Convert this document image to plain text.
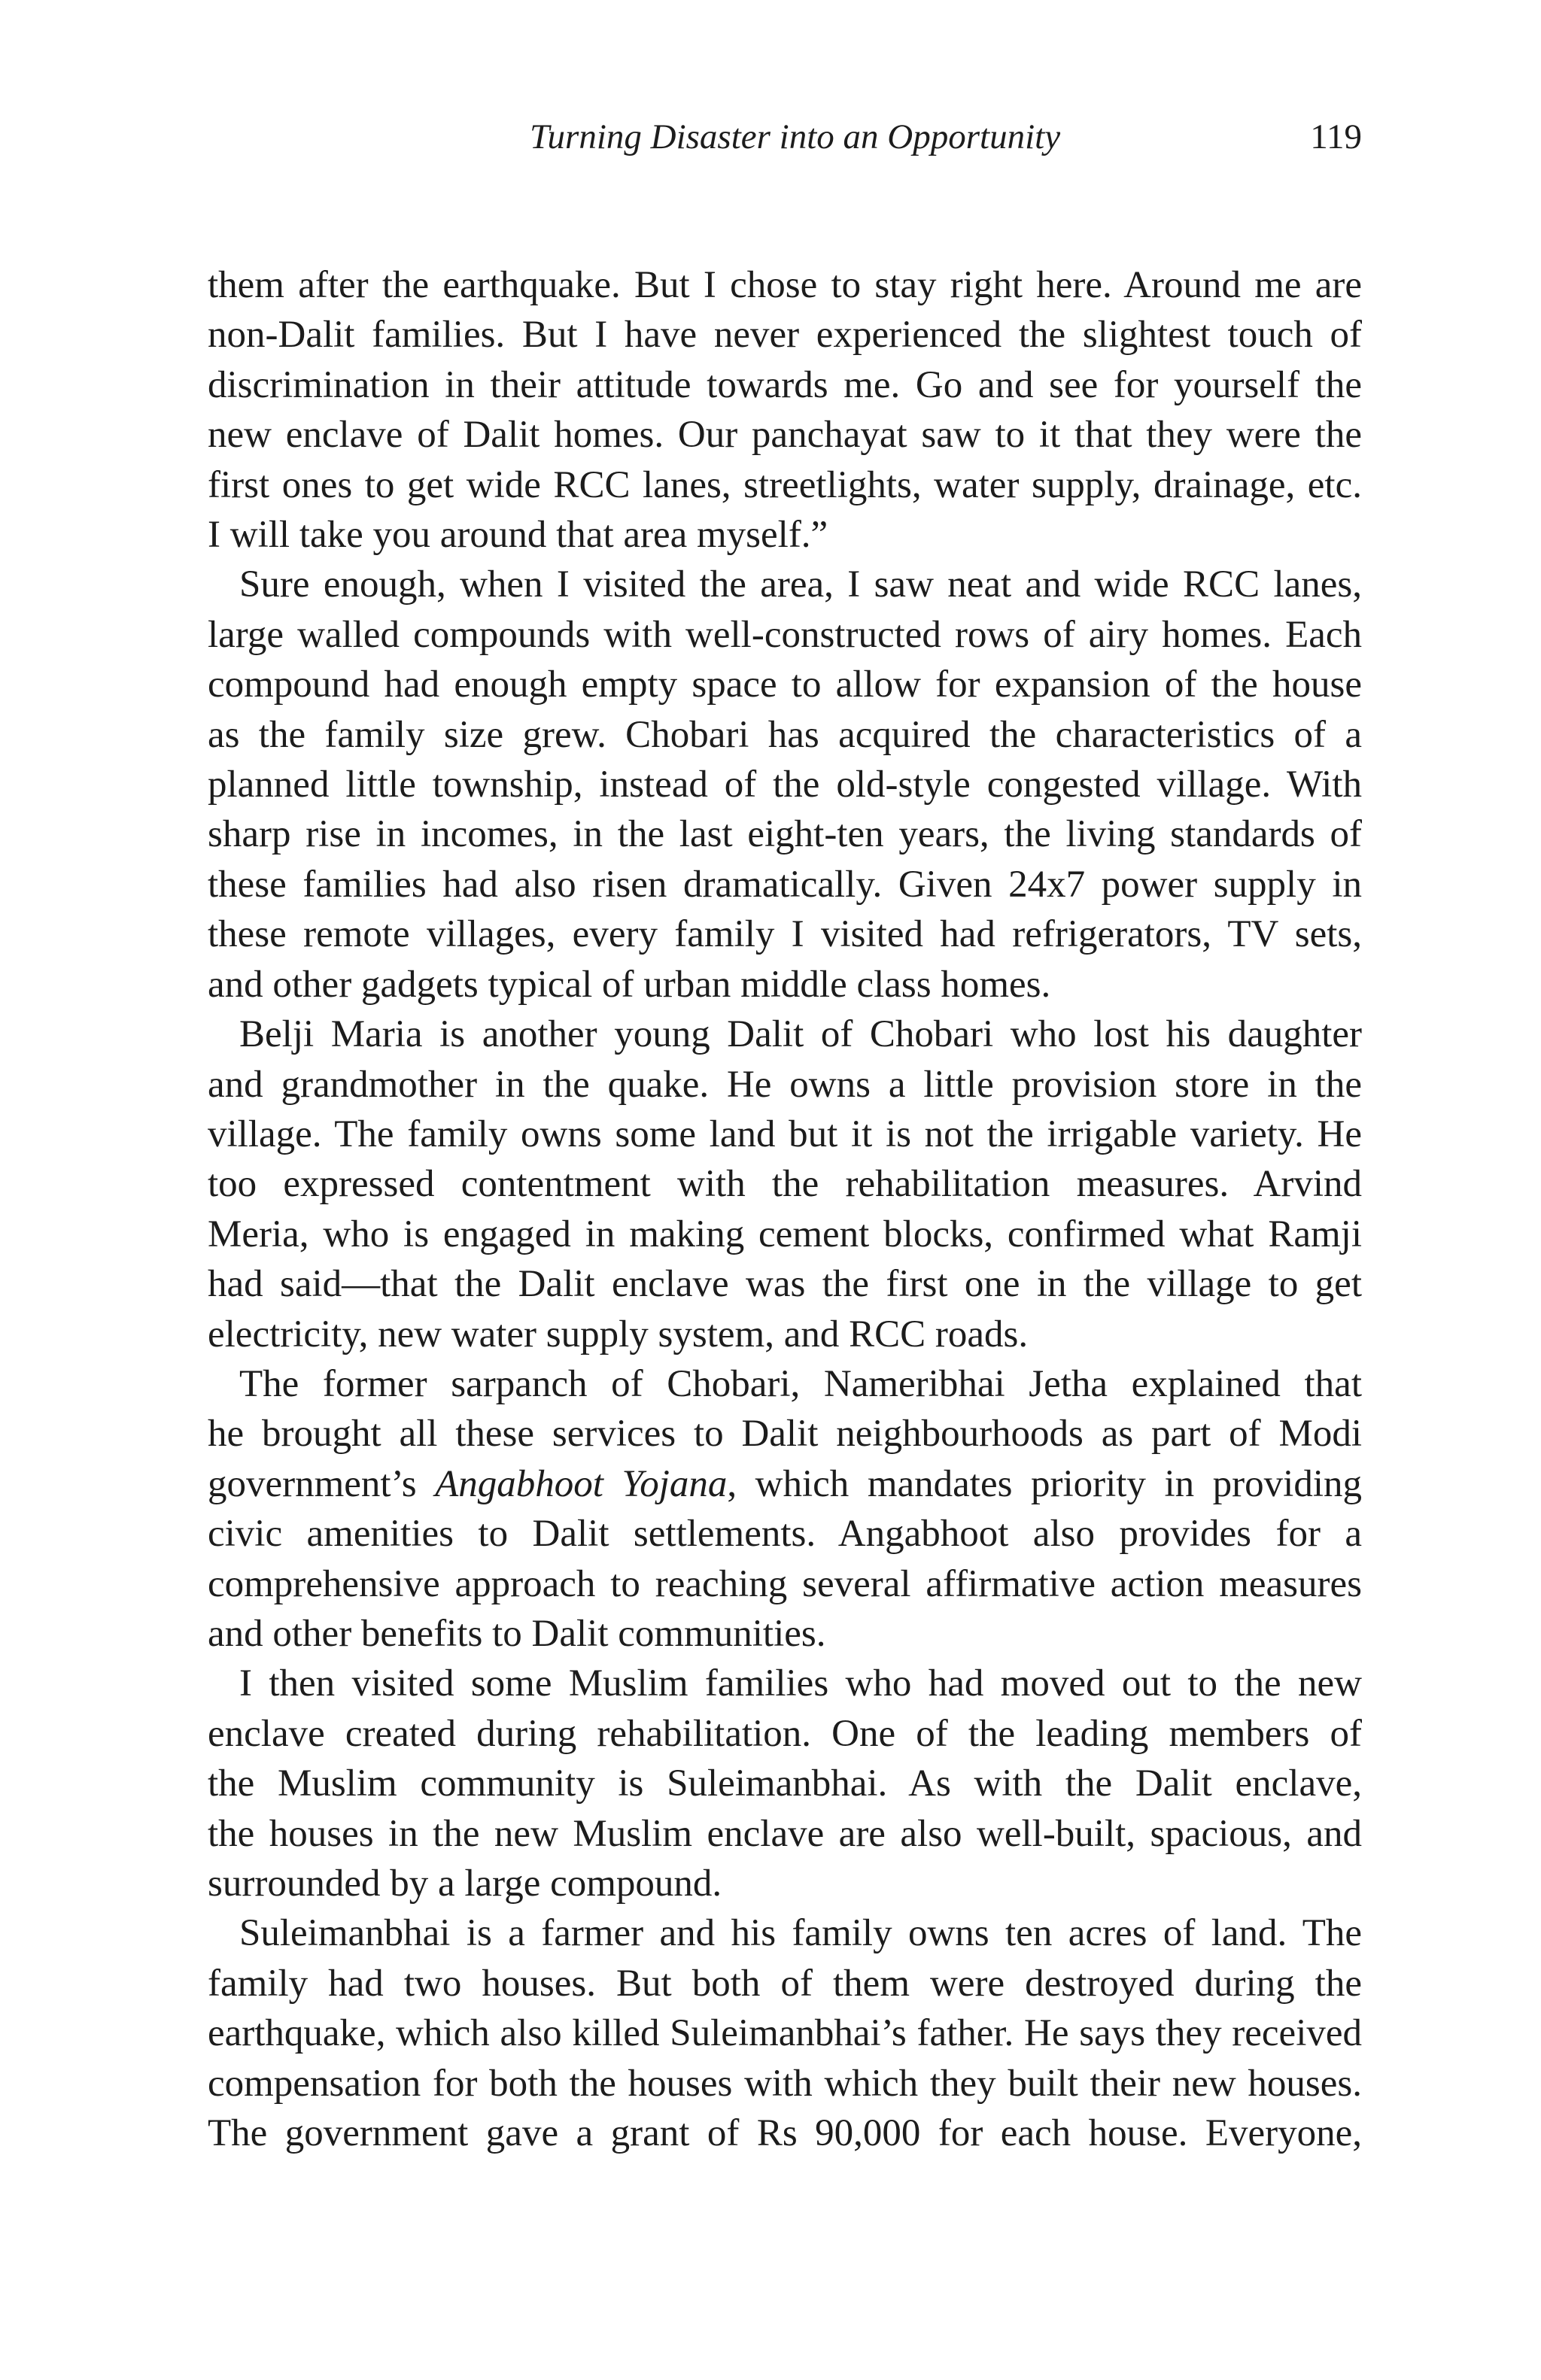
Turning Disaster into an Opportunity	119

them after the earthquake. But I chose to stay right here. Around me are
non-Dalit families. But I have never experienced the slightest touch of
discrimination in their attitude towards me. Go and see for yourself the
new enclave of Dalit homes. Our panchayat saw to it that they were the
first ones to get wide RCC lanes, streetlights, water supply, drainage, etc.
I will take you around that area myself.”

Sure enough, when I visited the area, I saw neat and wide RCC lanes,
large walled compounds with well-constructed rows of airy homes. Each
compound had enough empty space to allow for expansion of the house
as the family size grew. Chobari has acquired the characteristics of a
planned little township, instead of the old-style congested village. With
sharp rise in incomes, in the last eight-ten years, the living standards of
these families had also risen dramatically. Given 24x7 power supply in
these remote villages, every family I visited had refrigerators, TV sets,
and other gadgets typical of urban middle class homes.

Belji Maria is another young Dalit of Chobari who lost his daughter
and grandmother in the quake. He owns a little provision store in the
village. The family owns some land but it is not the irrigable variety. He
too expressed contentment with the rehabilitation measures. Arvind
Meria, who is engaged in making cement blocks, confirmed what Ramji
had said—that the Dalit enclave was the first one in the village to get
electricity, new water supply system, and RCC roads.

The former sarpanch of Chobari, Nameribhai Jetha explained that
he brought all these services to Dalit neighbourhoods as part of Modi
government’s Angabhoot Yojana, which mandates priority in providing
civic amenities to Dalit settlements. Angabhoot also provides for a
comprehensive approach to reaching several affirmative action measures
and other benefits to Dalit communities.

I then visited some Muslim families who had moved out to the new
enclave created during rehabilitation. One of the leading members of
the Muslim community is Suleimanbhai. As with the Dalit enclave,
the houses in the new Muslim enclave are also well-built, spacious, and
surrounded by a large compound.

Suleimanbhai is a farmer and his family owns ten acres of land. The
family had two houses. But both of them were destroyed during the
earthquake, which also killed Suleimanbhai’s father. He says they received
compensation for both the houses with which they built their new houses.
The government gave a grant of Rs 90,000 for each house. Everyone,
